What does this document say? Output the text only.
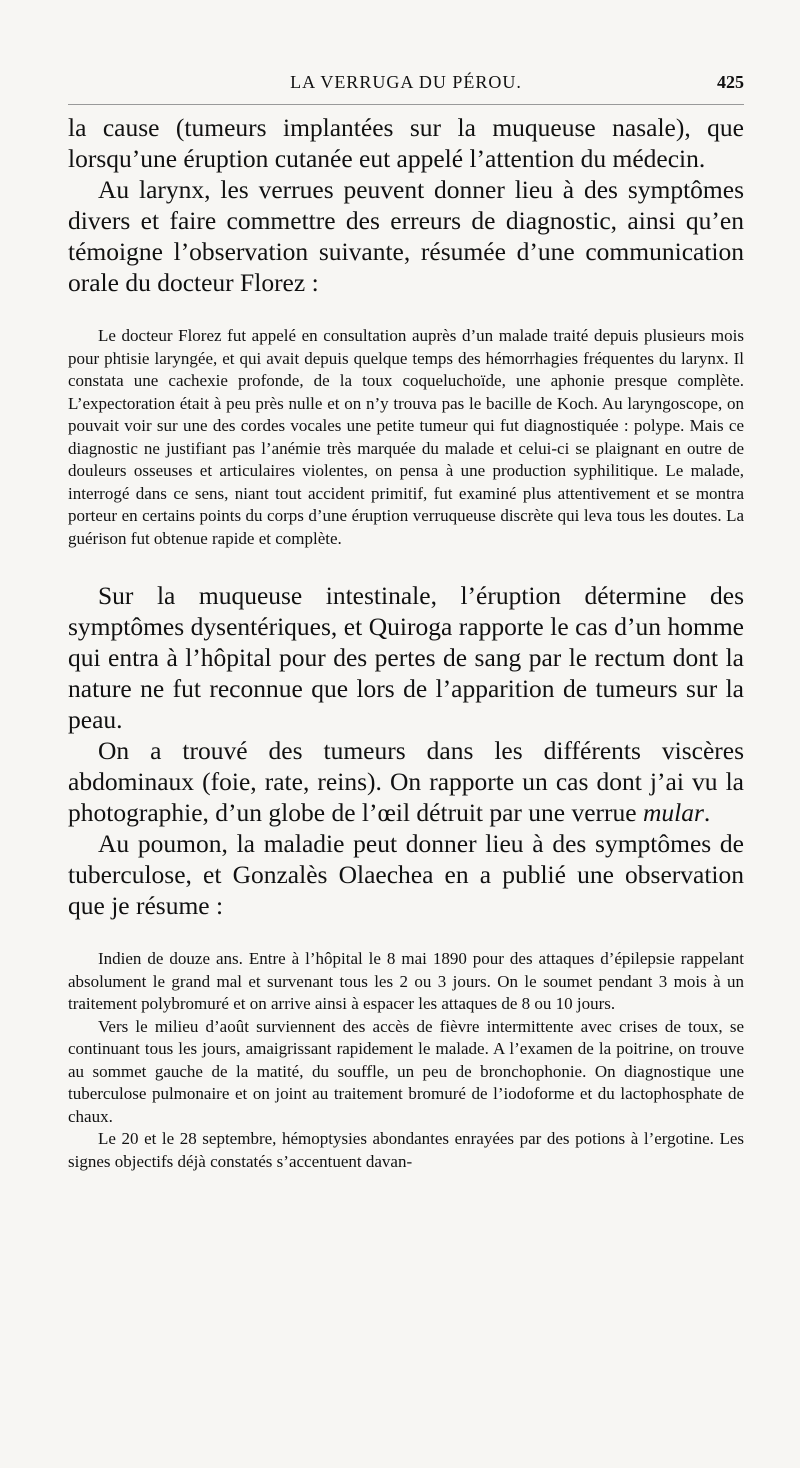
LA VERRUGA DU PÉROU.	425

la cause (tumeurs implantées sur la muqueuse nasale), que lorsqu’une éruption cutanée eut appelé l’attention du médecin.

Au larynx, les verrues peuvent donner lieu à des symptômes divers et faire commettre des erreurs de diagnostic, ainsi qu’en témoigne l’observation suivante, résumée d’une communication orale du docteur Florez :

Le docteur Florez fut appelé en consultation auprès d’un malade traité depuis plusieurs mois pour phtisie laryngée, et qui avait depuis quelque temps des hémorrhagies fréquentes du larynx. Il constata une cachexie profonde, de la toux coqueluchoïde, une aphonie presque complète. L’expectoration était à peu près nulle et on n’y trouva pas le bacille de Koch. Au laryngoscope, on pouvait voir sur une des cordes vocales une petite tumeur qui fut diagnostiquée : polype. Mais ce diagnostic ne justifiant pas l’anémie très marquée du malade et celui-ci se plaignant en outre de douleurs osseuses et articulaires violentes, on pensa à une production syphilitique. Le malade, interrogé dans ce sens, niant tout accident primitif, fut examiné plus attentivement et se montra porteur en certains points du corps d’une éruption verruqueuse discrète qui leva tous les doutes. La guérison fut obtenue rapide et complète.

Sur la muqueuse intestinale, l’éruption détermine des symptômes dysentériques, et Quiroga rapporte le cas d’un homme qui entra à l’hôpital pour des pertes de sang par le rectum dont la nature ne fut reconnue que lors de l’apparition de tumeurs sur la peau.

On a trouvé des tumeurs dans les différents viscères abdominaux (foie, rate, reins). On rapporte un cas dont j’ai vu la photographie, d’un globe de l’œil détruit par une verrue mular.

Au poumon, la maladie peut donner lieu à des symptômes de tuberculose, et Gonzalès Olaechea en a publié une observation que je résume :

Indien de douze ans. Entre à l’hôpital le 8 mai 1890 pour des attaques d’épilepsie rappelant absolument le grand mal et survenant tous les 2 ou 3 jours. On le soumet pendant 3 mois à un traitement polybromuré et on arrive ainsi à espacer les attaques de 8 ou 10 jours.

Vers le milieu d’août surviennent des accès de fièvre intermittente avec crises de toux, se continuant tous les jours, amaigrissant rapidement le malade. A l’examen de la poitrine, on trouve au sommet gauche de la matité, du souffle, un peu de bronchophonie. On diagnostique une tuberculose pulmonaire et on joint au traitement bromuré de l’iodoforme et du lactophosphate de chaux.

Le 20 et le 28 septembre, hémoptysies abondantes enrayées par des potions à l’ergotine. Les signes objectifs déjà constatés s’accentuent davan-
